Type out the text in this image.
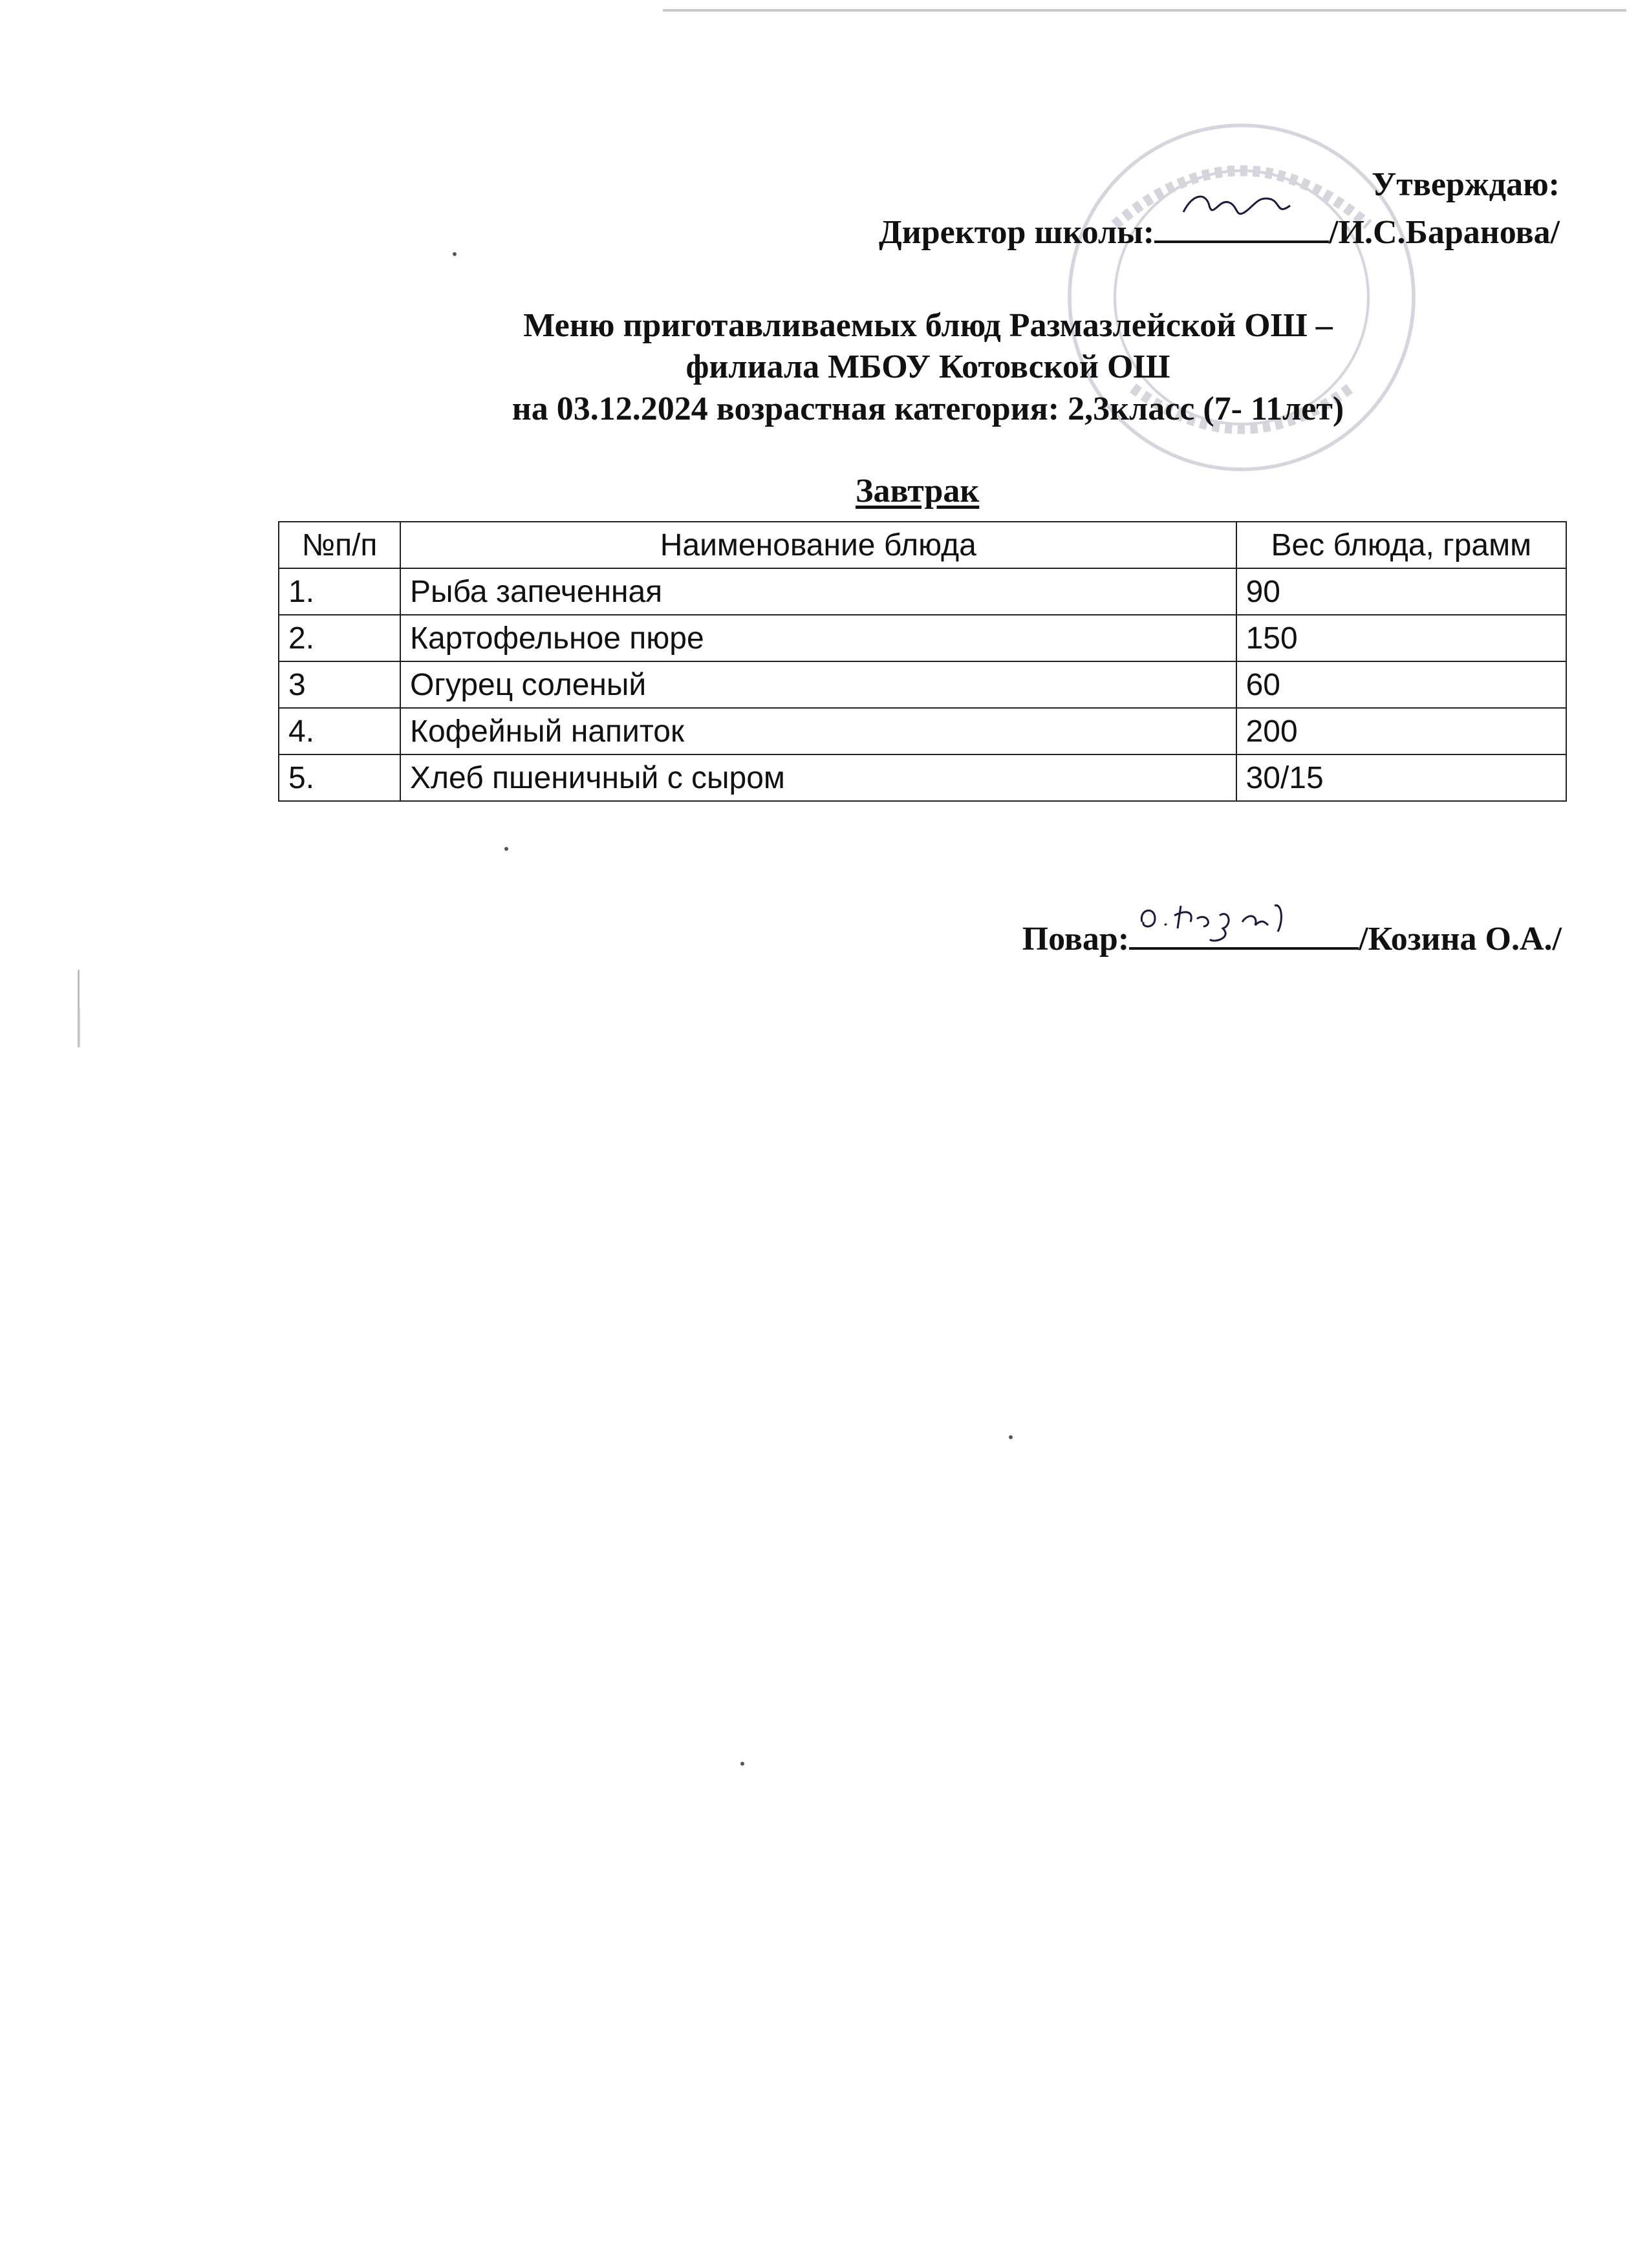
Утверждаю:
Директор школы:	/И.С.Баранова/
Меню приготавливаемых блюд Размазлейской ОШ –
филиала МБОУ Котовской ОШ
на 03.12.2024 возрастная категория: 2,3класс (7- 11лет)
Завтрак
№п/п	Наименование блюда	Вес блюда, грамм
1.	Рыба запеченная	90
2.	Картофельное пюре	150
3	Огурец соленый	60
4.	Кофейный напиток	200
5.	Хлеб пшеничный с сыром	30/15
Повар:	/Козина О.А./
